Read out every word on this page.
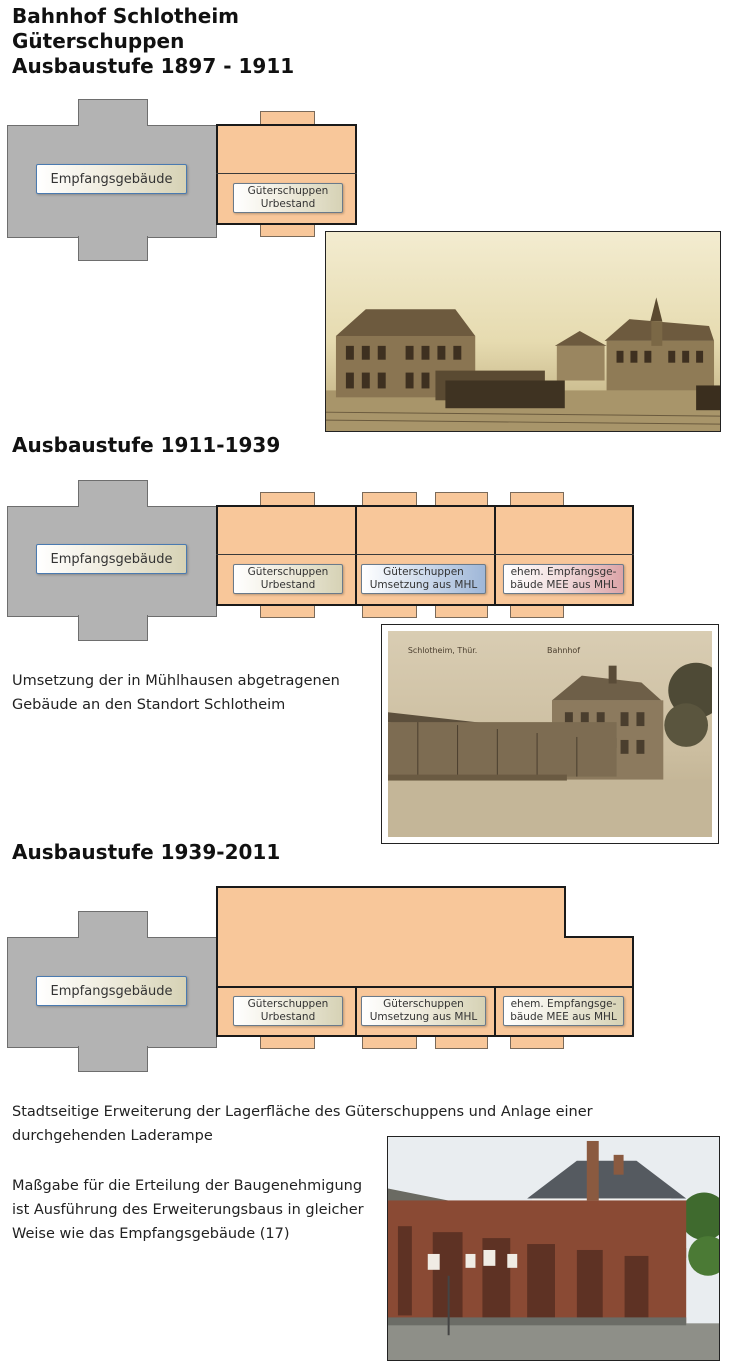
Bahnhof Schlotheim
Güterschuppen
Ausbaustufe 1897 - 1911
Empfangsgebäude
Güterschuppen
Urbestand
Ausbaustufe 1911-1939
Empfangsgebäude
Güterschuppen
Urbestand
Güterschuppen
Umsetzung aus MHL
ehem. Empfangsge-
bäude MEE aus MHL
Umsetzung der in Mühlhausen abgetragenen
Gebäude an den Standort Schlotheim
Schlotheim, Thür.	Bahnhof
Ausbaustufe 1939-2011
Empfangsgebäude
Güterschuppen
Urbestand
Güterschuppen
Umsetzung aus MHL
ehem. Empfangsge-
bäude MEE aus MHL
Stadtseitige Erweiterung der Lagerfläche des Güterschuppens und Anlage einer
durchgehenden Laderampe
Maßgabe für die Erteilung der Baugenehmigung
ist Ausführung des Erweiterungsbaus in gleicher
Weise wie das Empfangsgebäude (17)
